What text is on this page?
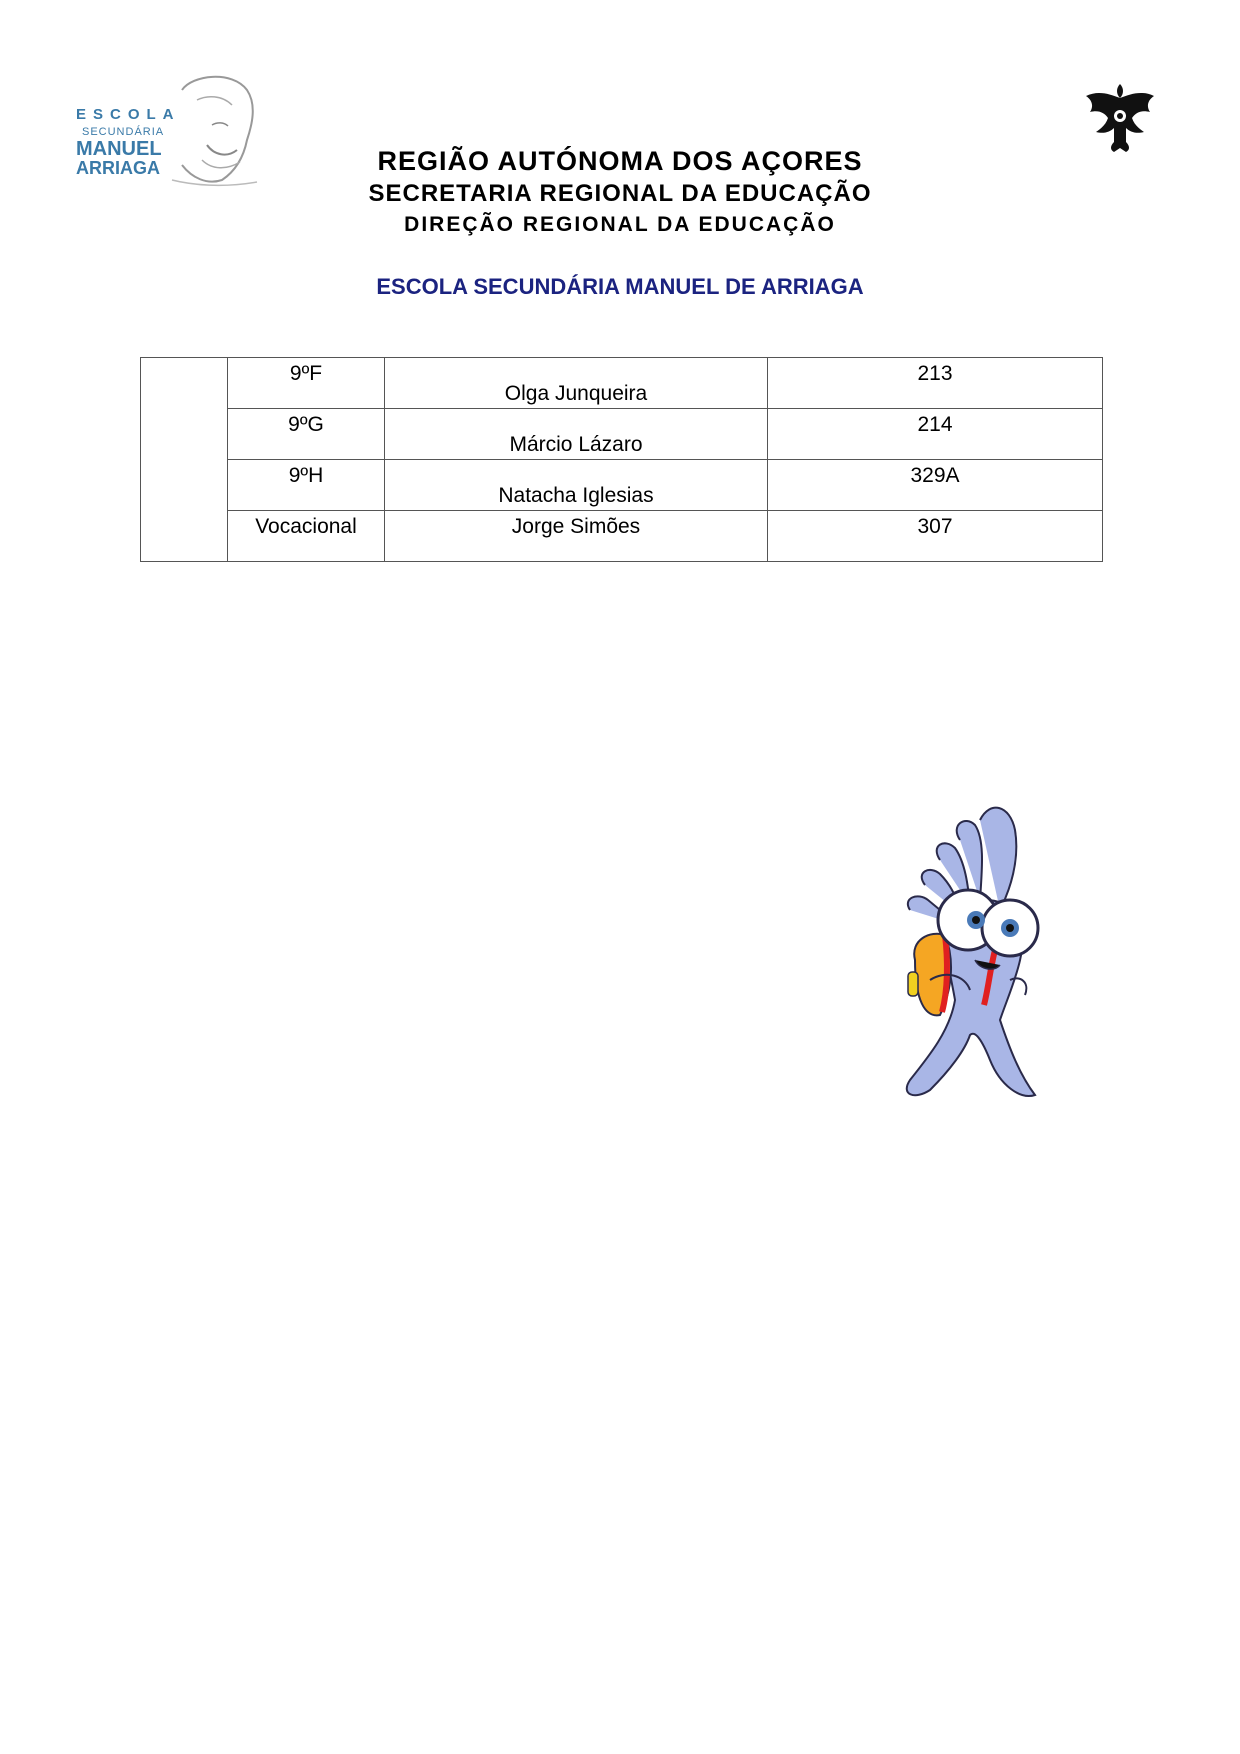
ESCOLA
SECUNDÁRIA
MANUEL
ARRIAGA	REGIÃO AUTÓNOMA DOS AÇORES
SECRETARIA REGIONAL DA EDUCAÇÃO
DIREÇÃO REGIONAL DA EDUCAÇÃO
ESCOLA SECUNDÁRIA MANUEL DE ARRIAGA
	9ºF	Olga Junqueira	213
	9ºG	Márcio Lázaro	214
	9ºH	Natacha Iglesias	329A
	Vocacional	Jorge Simões	307
